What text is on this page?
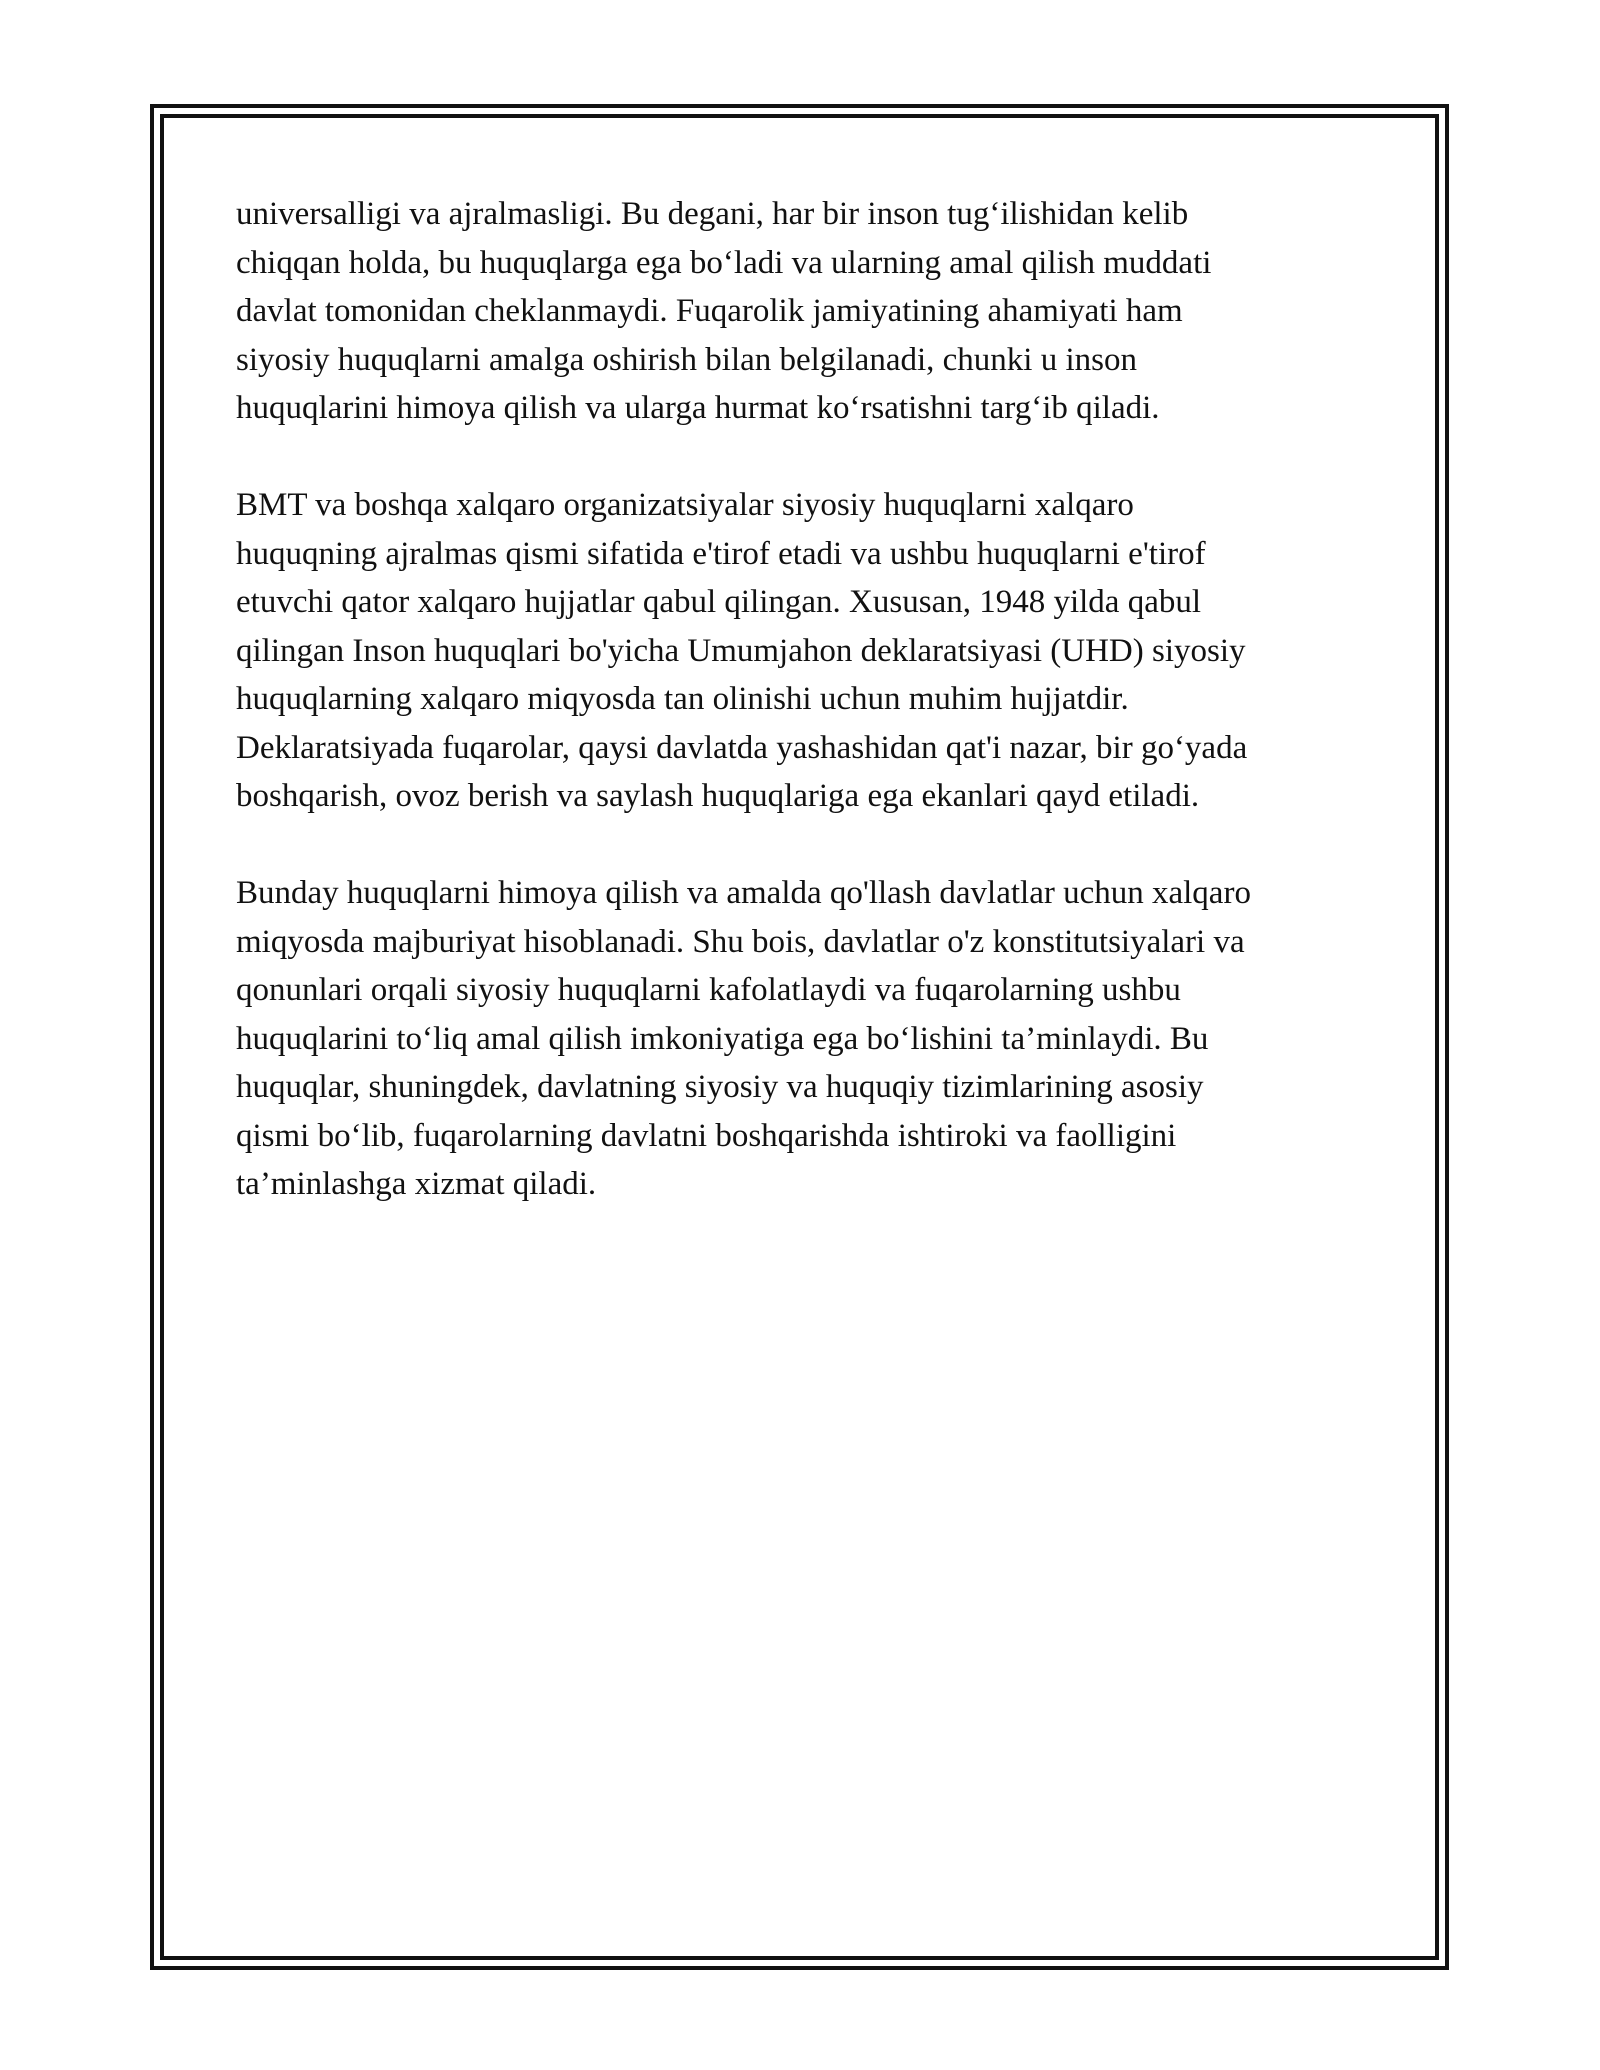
universalligi va ajralmasligi. Bu degani, har bir inson tug‘ilishidan kelib
chiqqan holda, bu huquqlarga ega bo‘ladi va ularning amal qilish muddati
davlat tomonidan cheklanmaydi. Fuqarolik jamiyatining ahamiyati ham
siyosiy huquqlarni amalga oshirish bilan belgilanadi, chunki u inson
huquqlarini himoya qilish va ularga hurmat ko‘rsatishni targ‘ib qiladi.

BMT va boshqa xalqaro organizatsiyalar siyosiy huquqlarni xalqaro
huquqning ajralmas qismi sifatida e'tirof etadi va ushbu huquqlarni e'tirof
etuvchi qator xalqaro hujjatlar qabul qilingan. Xususan, 1948 yilda qabul
qilingan Inson huquqlari bo'yicha Umumjahon deklaratsiyasi (UHD) siyosiy
huquqlarning xalqaro miqyosda tan olinishi uchun muhim hujjatdir.
Deklaratsiyada fuqarolar, qaysi davlatda yashashidan qat'i nazar, bir go‘yada
boshqarish, ovoz berish va saylash huquqlariga ega ekanlari qayd etiladi.

Bunday huquqlarni himoya qilish va amalda qo'llash davlatlar uchun xalqaro
miqyosda majburiyat hisoblanadi. Shu bois, davlatlar o'z konstitutsiyalari va
qonunlari orqali siyosiy huquqlarni kafolatlaydi va fuqarolarning ushbu
huquqlarini to‘liq amal qilish imkoniyatiga ega bo‘lishini ta’minlaydi. Bu
huquqlar, shuningdek, davlatning siyosiy va huquqiy tizimlarining asosiy
qismi bo‘lib, fuqarolarning davlatni boshqarishda ishtiroki va faolligini
ta’minlashga xizmat qiladi.
